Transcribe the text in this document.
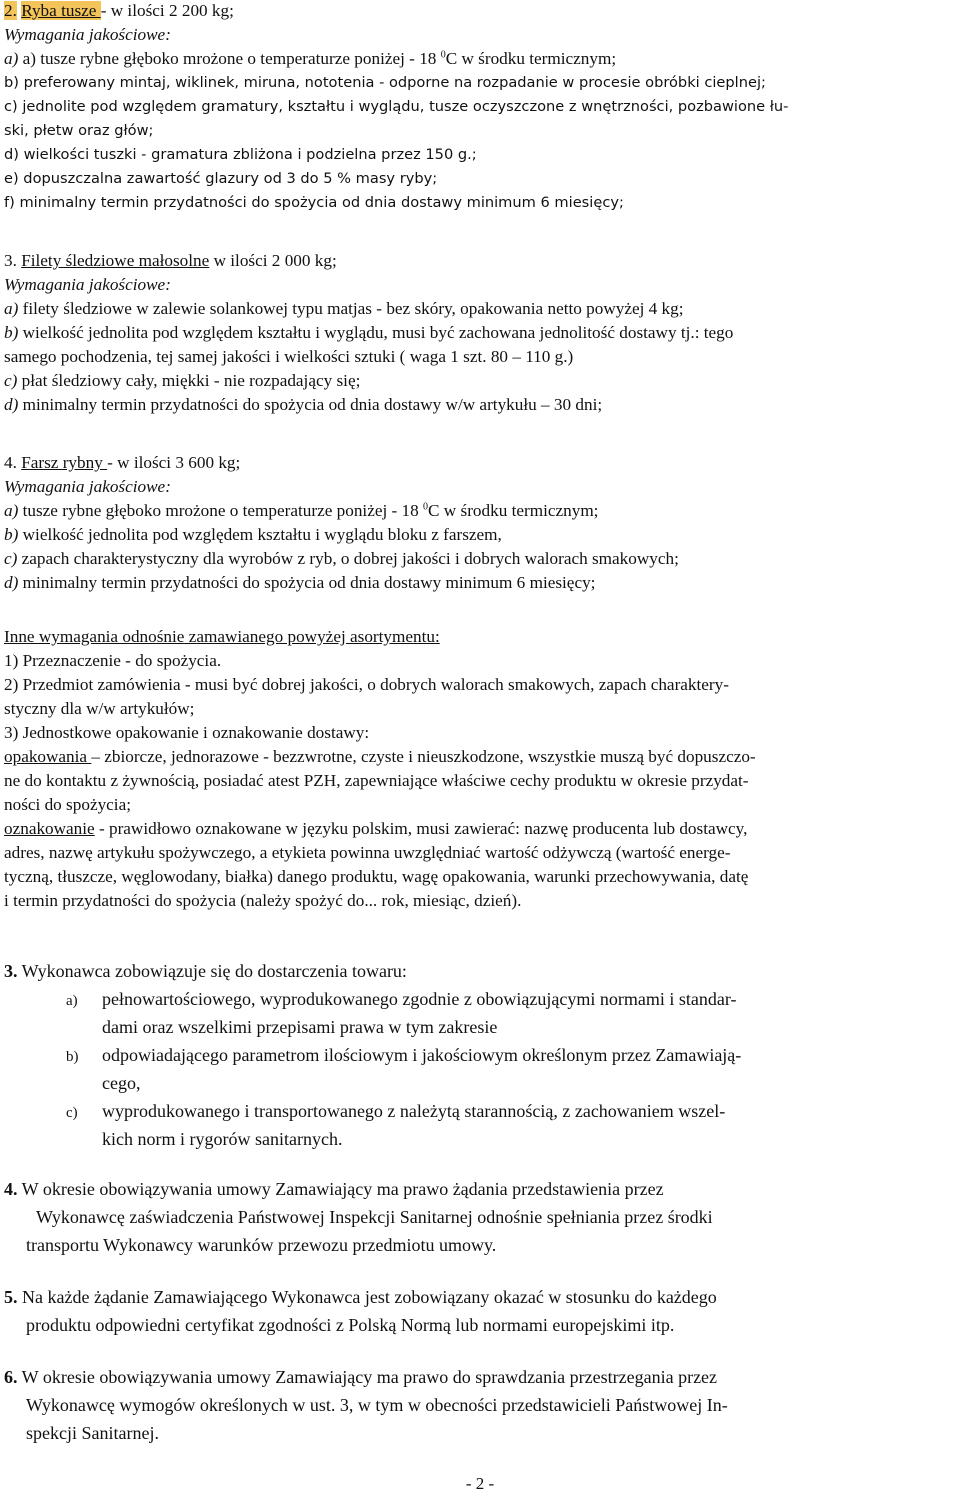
2. Ryba tusze - w ilości 2 200 kg;
Wymagania jakościowe:
a) a) tusze rybne głęboko mrożone o temperaturze poniżej - 18 $^0$C w środku termicznym;
b) preferowany mintaj, wiklinek, miruna, nototenia - odporne na rozpadanie w procesie obróbki cieplnej;
c) jednolite pod względem gramatury, kształtu i wyglądu, tusze oczyszczone z wnętrzności, pozbawione łu-
ski, płetw oraz głów;
d) wielkości tuszki - gramatura zbliżona i podzielna przez 150 g.;
e) dopuszczalna zawartość glazury od 3 do 5 % masy ryby;
f) minimalny termin przydatności do spożycia od dnia dostawy minimum 6 miesięcy;
3. Filety śledziowe małosolne w ilości 2 000 kg;
Wymagania jakościowe:
a) filety śledziowe w zalewie solankowej typu matjas - bez skóry, opakowania netto powyżej 4 kg;
b) wielkość jednolita pod względem kształtu i wyglądu, musi być zachowana jednolitość dostawy tj.: tego
samego pochodzenia, tej samej jakości i wielkości sztuki ( waga 1 szt. 80 – 110 g.)
c) płat śledziowy cały, miękki - nie rozpadający się;
d) minimalny termin przydatności do spożycia od dnia dostawy w/w artykułu – 30 dni;
4. Farsz rybny - w ilości 3 600 kg;
Wymagania jakościowe:
a) tusze rybne głęboko mrożone o temperaturze poniżej - 18 $^0$C w środku termicznym;
b) wielkość jednolita pod względem kształtu i wyglądu bloku z farszem,
c) zapach charakterystyczny dla wyrobów z ryb, o dobrej jakości i dobrych walorach smakowych;
d) minimalny termin przydatności do spożycia od dnia dostawy minimum 6 miesięcy;
Inne wymagania odnośnie zamawianego powyżej asortymentu:
1) Przeznaczenie - do spożycia.
2) Przedmiot zamówienia - musi być dobrej jakości, o dobrych walorach smakowych, zapach charaktery-
styczny dla w/w artykułów;
3) Jednostkowe opakowanie i oznakowanie dostawy:
opakowania – zbiorcze, jednorazowe - bezzwrotne, czyste i nieuszkodzone, wszystkie muszą być dopuszczo-
ne do kontaktu z żywnością, posiadać atest PZH, zapewniające właściwe cechy produktu w okresie przydat-
ności do spożycia;
oznakowanie - prawidłowo oznakowane w języku polskim, musi zawierać: nazwę producenta lub dostawcy,
adres, nazwę artykułu spożywczego, a etykieta powinna uwzględniać wartość odżywczą (wartość energe-
tyczną, tłuszcze, węglowodany, białka) danego produktu, wagę opakowania, warunki przechowywania, datę
i termin przydatności do spożycia (należy spożyć do... rok, miesiąc, dzień).
3. Wykonawca zobowiązuje się do dostarczenia towaru:
a) pełnowartościowego, wyprodukowanego zgodnie z obowiązującymi normami i standar-
dami oraz wszelkimi przepisami prawa w tym zakresie
b) odpowiadającego parametrom ilościowym i jakościowym określonym przez Zamawiają-
cego,
c) wyprodukowanego i transportowanego z należytą starannością, z zachowaniem wszel-
kich norm i rygorów sanitarnych.
4. W okresie obowiązywania umowy Zamawiający ma prawo żądania przedstawienia przez
Wykonawcę zaświadczenia Państwowej Inspekcji Sanitarnej odnośnie spełniania przez środki
transportu Wykonawcy warunków przewozu przedmiotu umowy.
5. Na każde żądanie Zamawiającego Wykonawca jest zobowiązany okazać w stosunku do każdego
produktu odpowiedni certyfikat zgodności z Polską Normą lub normami europejskimi itp.
6. W okresie obowiązywania umowy Zamawiający ma prawo do sprawdzania przestrzegania przez
Wykonawcę wymogów określonych w ust. 3, w tym w obecności przedstawicieli Państwowej In-
spekcji Sanitarnej.
- 2 -
